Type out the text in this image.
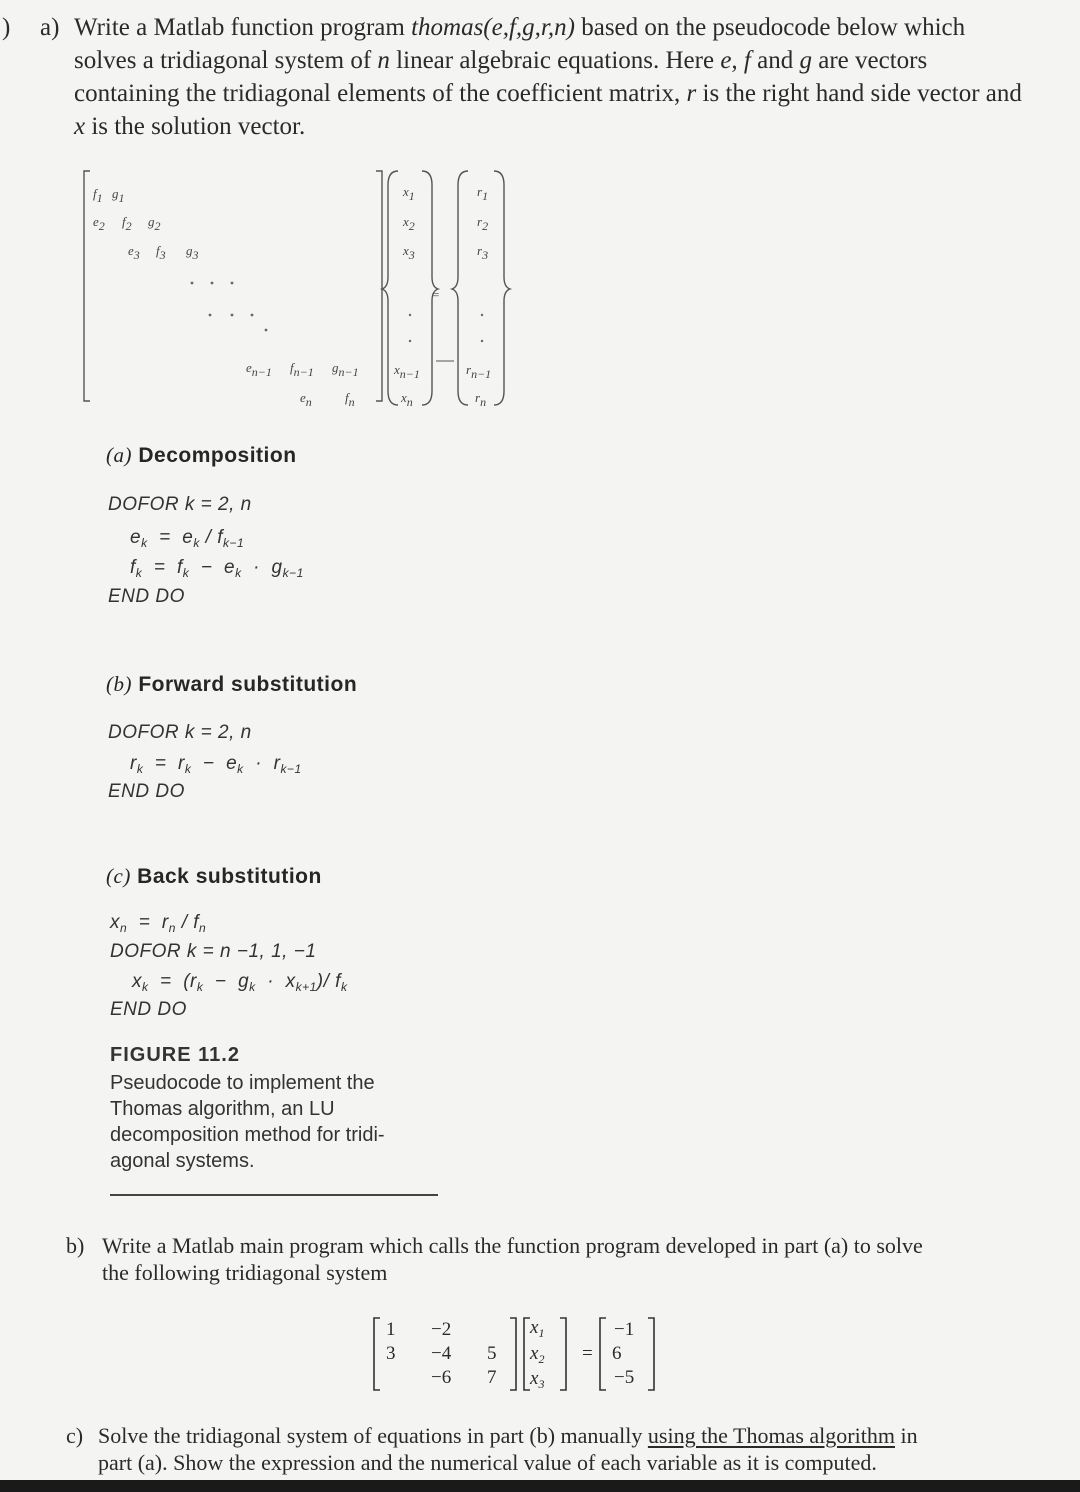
) a) Write a Matlab function program thomas(e,f,g,r,n) based on the pseudocode below which
solves a tridiagonal system of n linear algebraic equations. Here e, f and g are vectors
containing the tridiagonal elements of the coefficient matrix, r is the right hand side vector and
x is the solution vector.
f1 g1
e2 f2 g2
e3 f3 g3
en−1 fn−1 gn−1
en	fn
x1
x2
x3
xn−1
xn
=
r1
r2
r3
rn−1
rn
(a) Decomposition
DOFOR k = 2, n
$e_k = e_k / f_{k-1}$
$f_k = f_k - e_k \cdot g_{k-1}$
END DO
(b) Forward substitution
DOFOR k = 2, n
$r_k = r_k - e_k \cdot r_{k-1}$
END DO
(c) Back substitution
$x_n = r_n / f_n$
DOFOR k = n −1, 1, −1
$x_k = (r_k - g_k \cdot x_{k+1})/$ $f_k$
END DO
FIGURE 11.2
Pseudocode to implement the
Thomas algorithm, an LU
decomposition method for tridi-
agonal systems.
b) Write a Matlab main program which calls the function program developed in part (a) to solve
the following tridiagonal system
1 −2
3 −4 5
−6 7
$x_1$
$x_2$
$x_3$
=
−1
6
−5
c) Solve the tridiagonal system of equations in part (b) manually using the Thomas algorithm in
part (a). Show the expression and the numerical value of each variable as it is computed.
